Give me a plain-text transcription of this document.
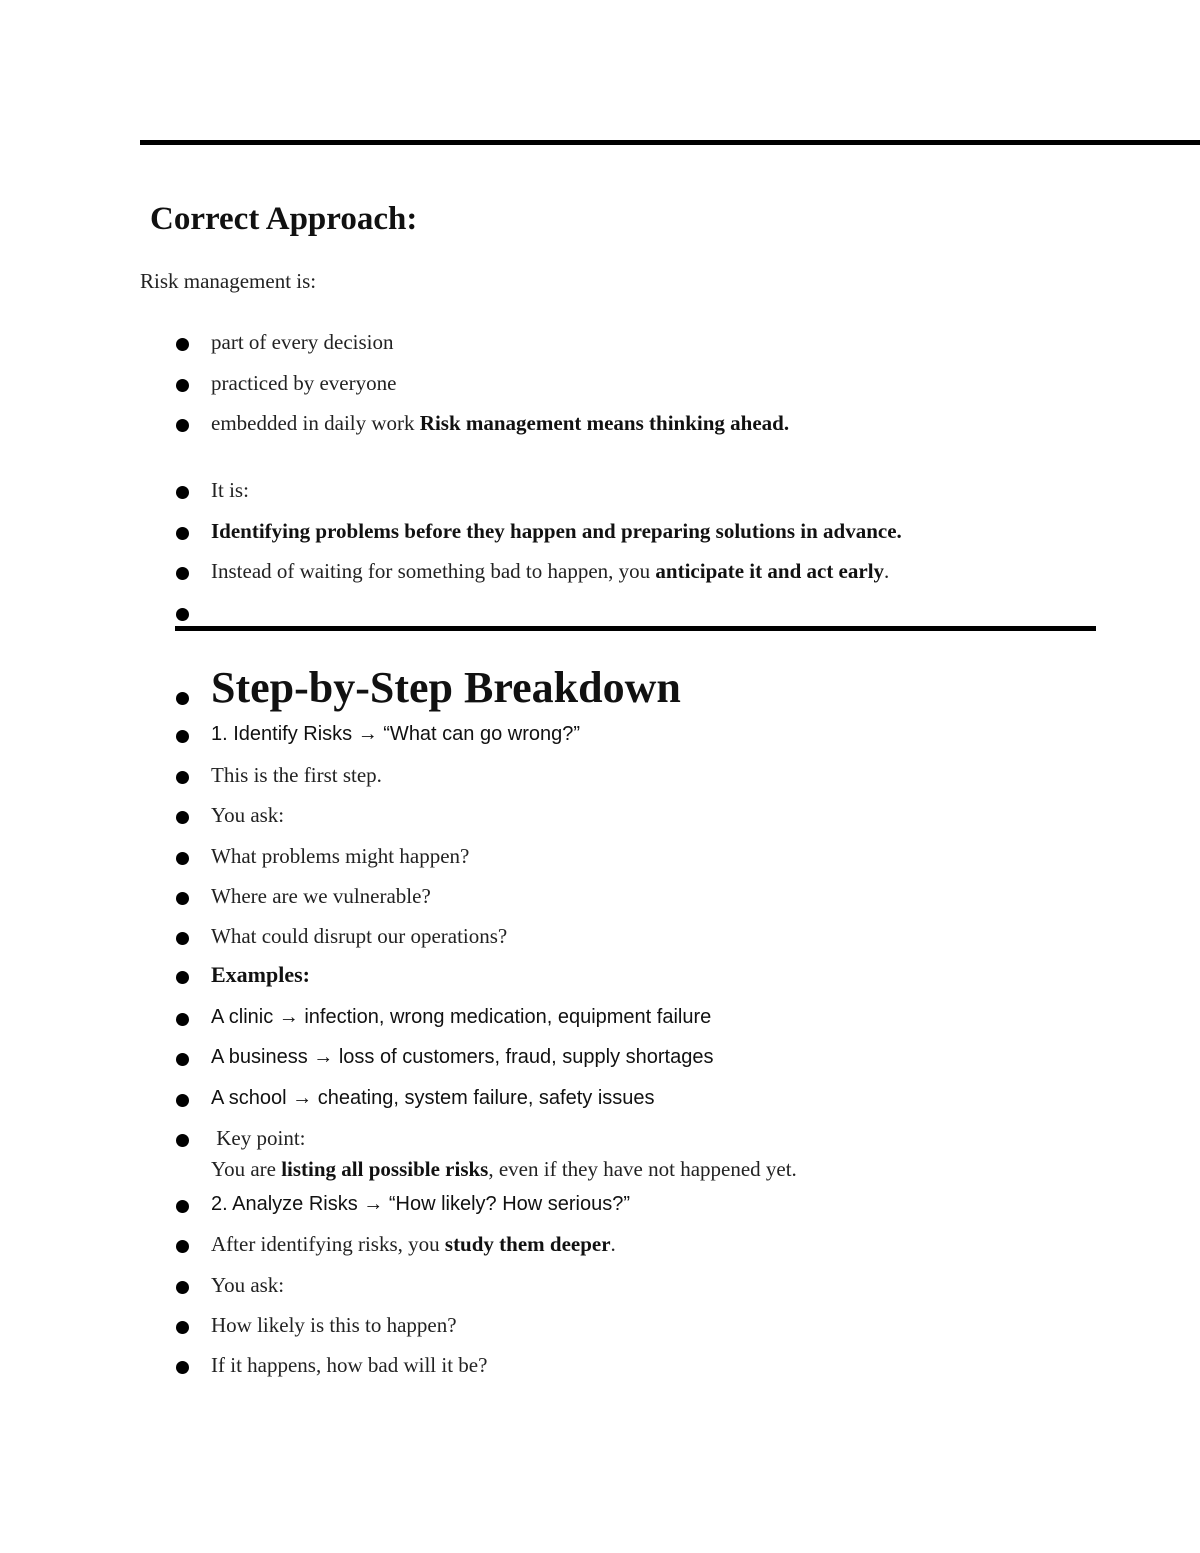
Correct Approach:
Risk management is:
part of every decision
practiced by everyone
embedded in daily work Risk management means thinking ahead.
It is:
Identifying problems before they happen and preparing solutions in advance.
Instead of waiting for something bad to happen, you anticipate it and act early.
Step-by-Step Breakdown
1. Identify Risks → “What can go wrong?”
This is the first step.
You ask:
What problems might happen?
Where are we vulnerable?
What could disrupt our operations?
Examples:
A clinic → infection, wrong medication, equipment failure
A business → loss of customers, fraud, supply shortages
A school → cheating, system failure, safety issues
Key point:
You are listing all possible risks, even if they have not happened yet.
2. Analyze Risks → “How likely? How serious?”
After identifying risks, you study them deeper.
You ask:
How likely is this to happen?
If it happens, how bad will it be?
